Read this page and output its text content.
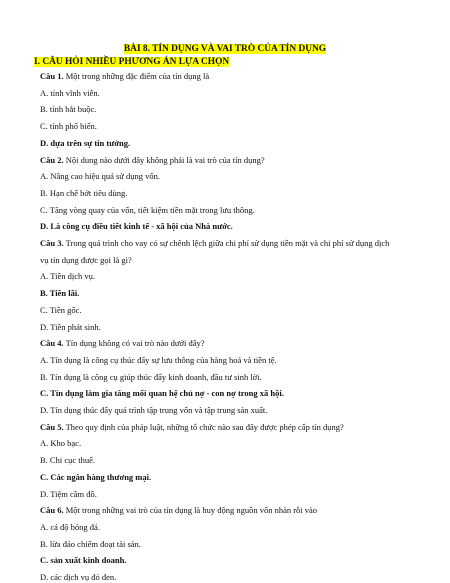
BÀI 8. TÍN DỤNG VÀ VAI TRÒ CỦA TÍN DỤNG
I. CÂU HỎI NHIỀU PHƯƠNG ÁN LỰA CHỌN
Câu 1. Một trong những đặc điểm của tín dụng là
A. tính vĩnh viễn.
B. tính bắt buộc.
C. tính phổ biến.
D. dựa trên sự tin tưởng.
Câu 2. Nội dung nào dưới đây không phải là vai trò của tín dụng?
A. Nâng cao hiệu quả sử dụng vốn.
B. Hạn chế bớt tiêu dùng.
C. Tăng vòng quay của vốn, tiết kiệm tiền mặt trong lưu thông.
D. Là công cụ điều tiết kinh tế - xã hội của Nhà nước.
Câu 3. Trong quá trình cho vay có sự chênh lệch giữa chi phí sử dụng tiền mặt và chi phí sử dụng dịch
vụ tín dụng được gọi là gì?
A. Tiền dịch vụ.
B. Tiền lãi.
C. Tiền gốc.
D. Tiền phát sinh.
Câu 4. Tín dụng không có vai trò nào dưới đây?
A. Tín dụng là công cụ thúc đẩy sự lưu thông của hàng hoá và tiền tệ.
B. Tín dụng là công cụ giúp thúc đẩy kinh doanh, đầu tư sinh lời.
C. Tín dụng làm gia tăng mối quan hệ chủ nợ - con nợ trong xã hội.
D. Tín dụng thúc đẩy quá trình tập trung vốn và tập trung sản xuất.
Câu 5. Theo quy định của pháp luật, những tổ chức nào sau đây được phép cấp tín dụng?
A. Kho bạc.
B. Chi cục thuế.
C. Các ngân hàng thương mại.
D. Tiệm cầm đồ.
Câu 6. Một trong những vai trò của tín dụng là huy động nguồn vốn nhàn rỗi vào
A. cá độ bóng đá.
B. lừa đảo chiếm đoạt tài sản.
C. sản xuất kinh doanh.
D. các dịch vụ đỏ đen.
